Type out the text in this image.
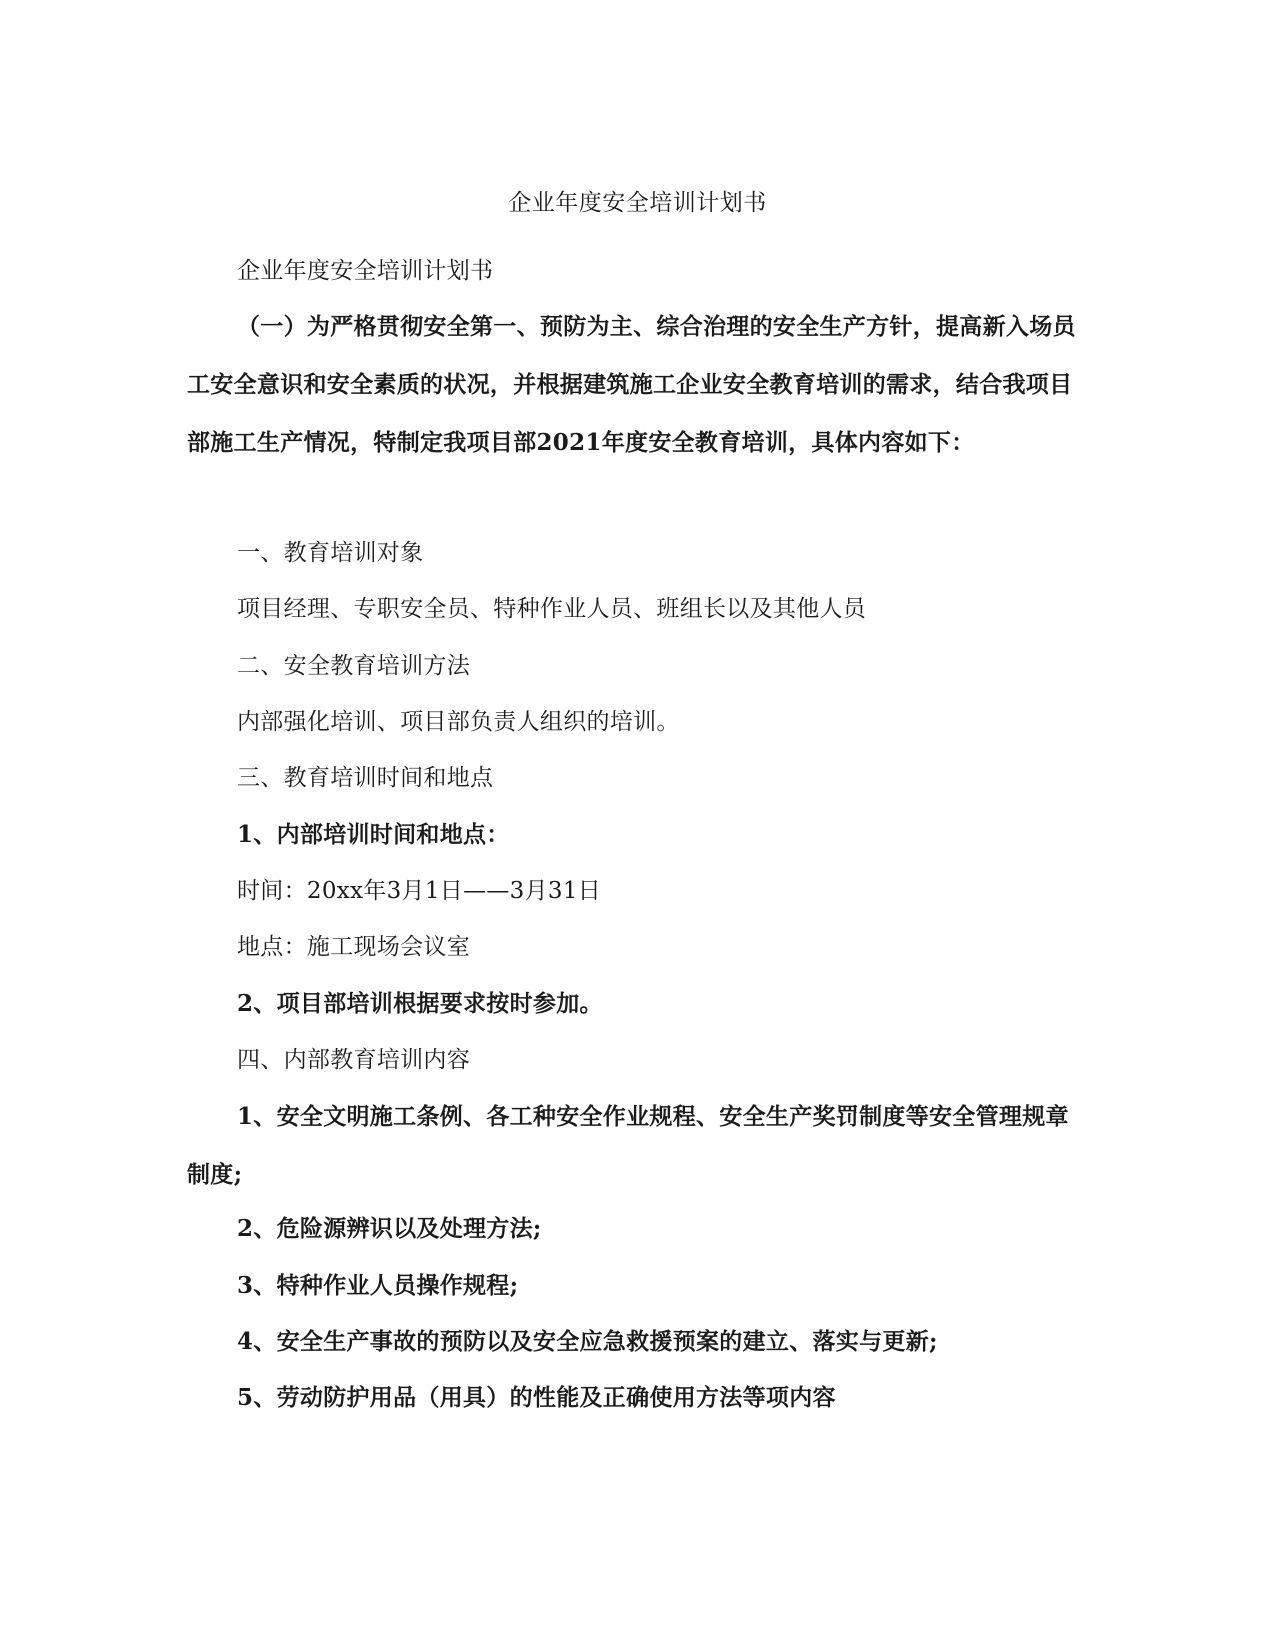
企业年度安全培训计划书
企业年度安全培训计划书

（一）为严格贯彻安全第一、预防为主、综合治理的安全生产方针，提高新入场员工安全意识和安全素质的状况，并根据建筑施工企业安全教育培训的需求，结合我项目部施工生产情况，特制定我项目部2021年度安全教育培训，具体内容如下：

一、教育培训对象
项目经理、专职安全员、特种作业人员、班组长以及其他人员
二、安全教育培训方法
内部强化培训、项目部负责人组织的培训。
三、教育培训时间和地点
1、内部培训时间和地点：
时间：20xx年3月1日——3月31日
地点：施工现场会议室
2、项目部培训根据要求按时参加。
四、内部教育培训内容

1、安全文明施工条例、各工种安全作业规程、安全生产奖罚制度等安全管理规章制度;

2、危险源辨识以及处理方法;
3、特种作业人员操作规程;
4、安全生产事故的预防以及安全应急救援预案的建立、落实与更新;
5、劳动防护用品（用具）的性能及正确使用方法等项内容
